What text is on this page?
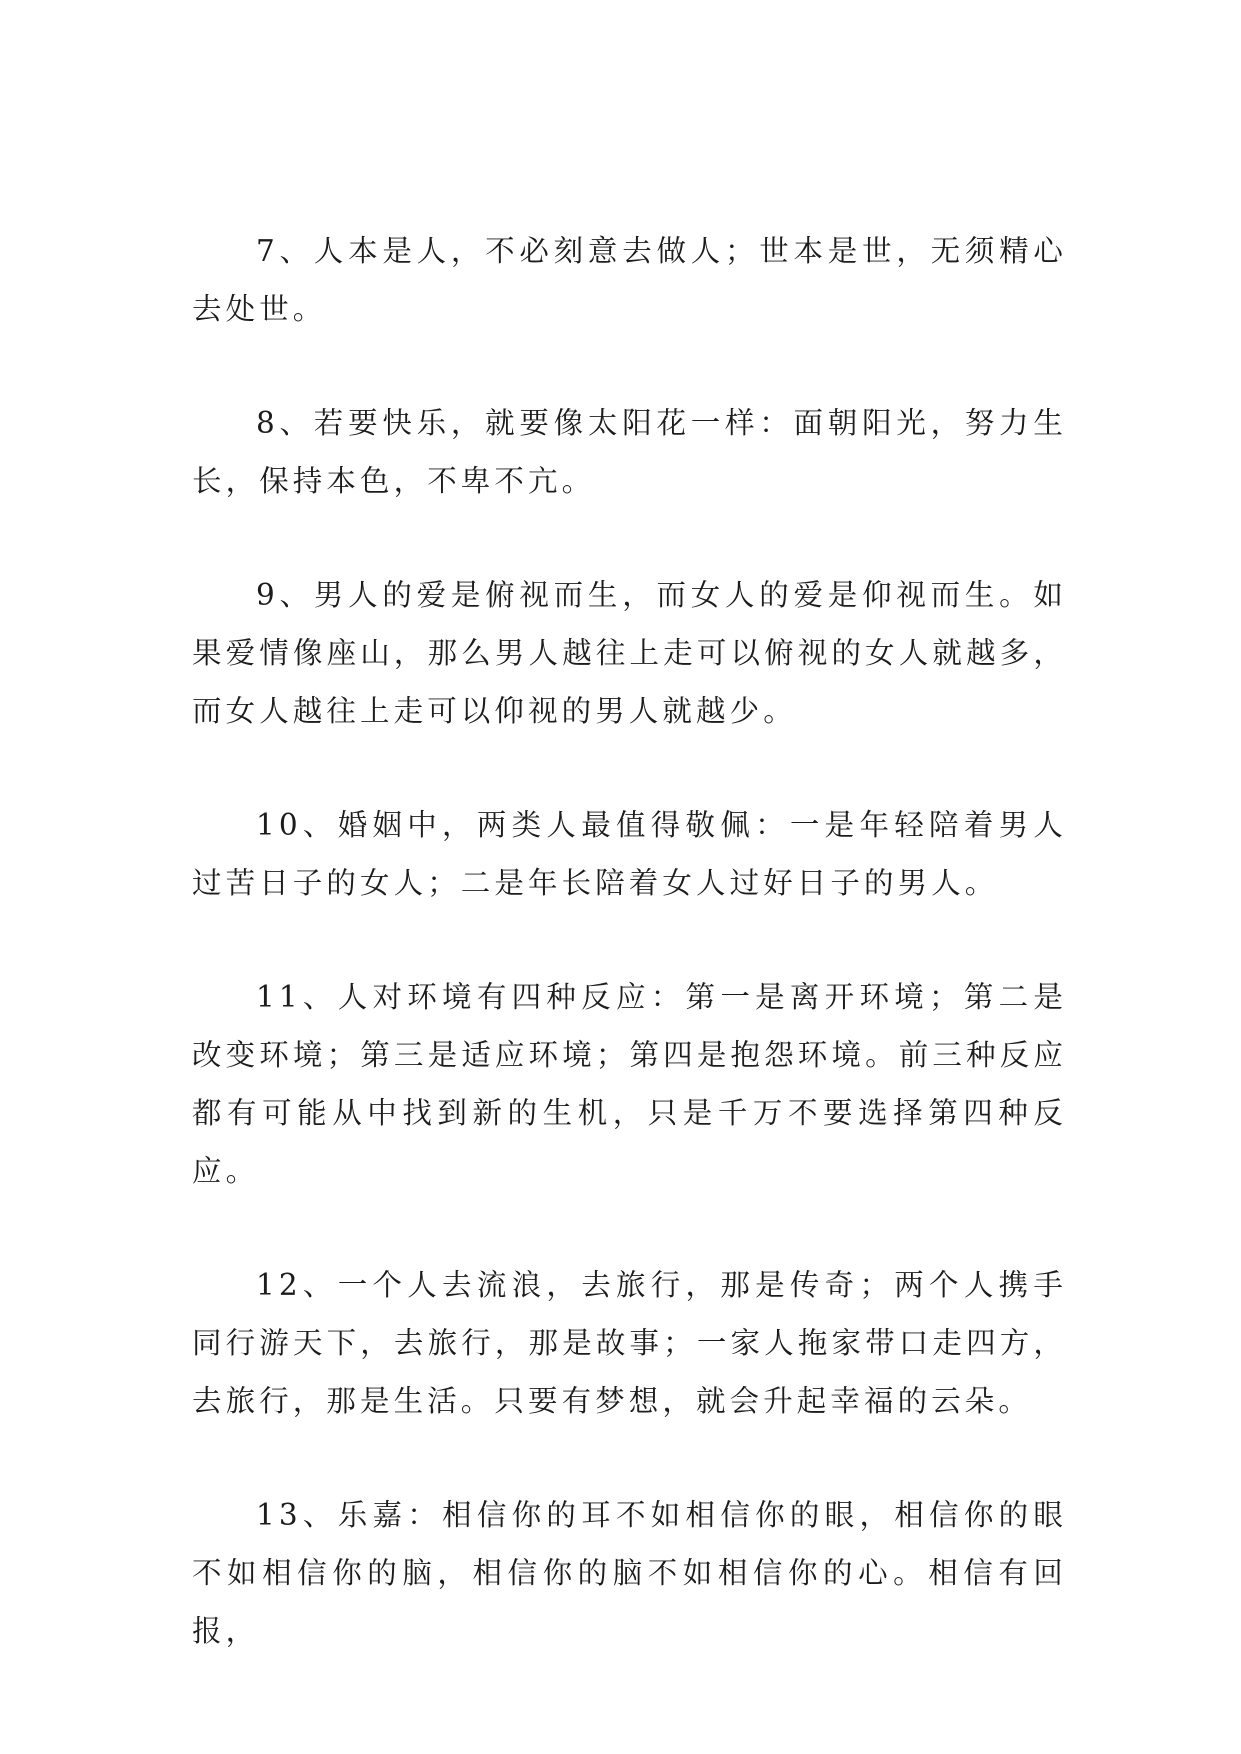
7、人本是人，不必刻意去做人；世本是世，无须精心去处世。

8、若要快乐，就要像太阳花一样：面朝阳光，努力生长，保持本色，不卑不亢。

9、男人的爱是俯视而生，而女人的爱是仰视而生。如果爱情像座山，那么男人越往上走可以俯视的女人就越多，而女人越往上走可以仰视的男人就越少。

10、婚姻中，两类人最值得敬佩：一是年轻陪着男人过苦日子的女人；二是年长陪着女人过好日子的男人。

11、人对环境有四种反应：第一是离开环境；第二是改变环境；第三是适应环境；第四是抱怨环境。前三种反应都有可能从中找到新的生机，只是千万不要选择第四种反应。

12、一个人去流浪，去旅行，那是传奇；两个人携手同行游天下，去旅行，那是故事；一家人拖家带口走四方，去旅行，那是生活。只要有梦想，就会升起幸福的云朵。

13、乐嘉：相信你的耳不如相信你的眼，相信你的眼不如相信你的脑，相信你的脑不如相信你的心。相信有回报，
